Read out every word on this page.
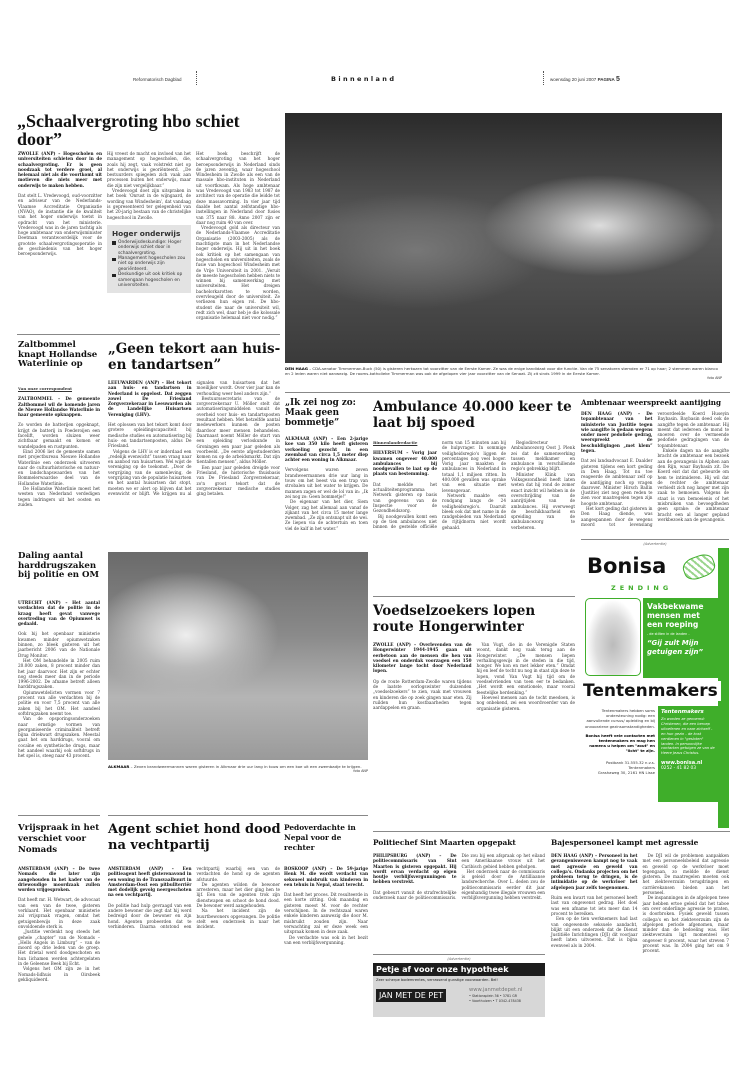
Reformatorisch Dagblad	Binnenland	woensdag 20 juni 2007 PAGINA 5
„Schaalvergroting hbo schiet door”
ZWOLLE (ANP) – Hogescholen en universiteiten schieten door in de schaalvergroting. Er is geen noodzaak tot verdere groei, al helemaal niet als die voortkomt uit motieven die niets meer met onderwijs te maken hebben.

Dat stelt L. Vredevoogd, oud-voorzitter en adviseur van de Nederlands-Vlaamse Accreditatie Organisatie (NVAO), de instantie die de kwaliteit van het hoger onderwijs toetst in opdracht van het ministerie. Vredevoogd was in de jaren tachtig als hoge ambtenaar van onderwijsminister Deetman verantwoordelijk voor de grootste schaalvergrotingsoperatie in de geschiedenis van het hoger beroepsonderwijs.

Hij vreest de macht en invloed van het management op hogescholen, die, zoals hij zegt, vaak volstrekt niet op het onderwijs is georiënteerd. „De bestuurders spiegelen zich vaak aan processen buiten het onderwijs, maar die zijn niet vergelijkbaar.”

Vredevoogd doet zijn uitspraken in het boek ‘Onrust in de wijngaard, de wording van Windesheim’, dat vandaag is gepresenteerd ter gelegenheid van het 20-jarig bestaan van de christelijke hogeschool in Zwolle.

Hoger onderwijs
Onderwijsdeskundige: Hoger onderwijs schiet door in schaalvergroting.
Management hogescholen zou niet op onderwijs zijn georiënteerd.
Deskundige uit ook kritiek op samengaan hogescholen en universiteiten.

Het boek beschrijft de schaalvergroting van het hoger beroepsonderwijs in Nederland sinds de jaren zeventig, waar hogeschool Windesheim in Zwolle als een van de massale hbo-instituten in Nederland uit voortkwam. Als hoge ambtenaar was Vredevoogd van 1983 tot 1987 de architect van de operatie die leidde tot deze massavorming. In vier jaar tijd daalde het aantal zelfstandige hbo-instellingen in Nederland door fusies van 375 naar 88. Anno 2007 zijn er daar nog ruim 40 van over.

Vredevoogd gold als directeur van de Nederlands-Vlaamse Accreditatie Organisatie (2003-2005) als de machtigste man in het Nederlandse hoger onderwijs. Hij uit in het boek ook kritiek op het samengaan van hogescholen en universiteiten, zoals de fusie van hogeschool Windesheim met de Vrije Universiteit in 2001. „Veruit de meeste hogescholen hebben niets te winnen bij samenwerking met universiteiten. Het dreigen bachelorkarotten te worden, overvleugeld door de universiteit. Ze verliezen hun eigen rol. De hbo-student die naar de universiteit wil, redt zich wel, daar heb je die kolossale organisatie helemaal niet voor nodig.”

DEN HAAG – CDA-senator Timmerman-Buck (50) is gisteren herkozen tot voorzitter van de Eerste Kamer. Ze was de enige kandidaat voor die functie. Van de 75 senatoren stemden er 71 op haar; 2 stemmen waren blanco en 2 leden waren niet aanwezig. De rooms-katholieke Timmerman was ook de afgelopen vier jaar voorzitter van de Senaat. Zij zit sinds 1999 in de Eerste Kamer.
foto ANP
Zaltbommel knapt Hollandse Waterlinie op
Van onze correspondent
ZALTBOMMEL – De gemeente Zaltbommel wil de komende jaren de Nieuwe Hollandse Waterlinie in haar gemeente opknappen.

Zo worden de batterijen opgeknapt, krijgt de batterij in Poederoijen een facelift, worden sluizen weer zichtbaar gemaakt en komen er wandelpaden en rustpunten.

Eind 2006 liet de gemeente samen met projectbureau Nieuwe Hollandse Waterlinie een onderzoek uitvoeren naar de cultuurhistorische en natuur- en landschapswaarden van het Bommelerwaardse deel van de Hollandse Waterlinie.

De Hollandse Waterlinie moest het westen van Nederland verdedigen tegen indringers uit het oosten en zuiden.

Daling aantal harddrugszaken bij politie en OM
UTRECHT (ANP) – Het aantal verdachten dat de politie in de kraag heeft gevat vanwege overtreding van de Opiumwet is gedaald.

Ook bij het openbaar ministerie kwamen minder opiumwetzaken binnen, zo bleek gisteren uit het jaarbericht 2006 van de Nationale Drug Monitor.

Het OM behandelde in 2005 ruim 20.000 zaken, 8 procent minder dan het jaar daarvoor. Het zijn er echter nog steeds meer dan in de periode 1996-2002. De afname betreft alleen harddrugszaken.

Opiumwetdelicten vormen voor 7 procent van alle verdachten bij de politie en voor 7,5 procent van alle zaken bij het OM. Het aandeel softdrugzaken neemt toe.

Van de opsporingsonderzoeken naar ernstige vormen van georganiseerde criminaliteit betreft bijna driekwart drugszaken. Meestal gaat het om harddrugs, vooral om cocaïne en synthetische drugs, maar het aandeel waarbij ook softdrugs in het spel is, steeg naar 43 procent.

„Geen tekort aan huis- en tandartsen”
LEEUWARDEN (ANP) – Het tekort aan huis- en tandartsen in Nederland is opgelost. Dat zeggen zowel De Friesland Zorgverzekeraar in Leeuwarden als de Landelijke Huisartsen Vereniging (LHV).

Het oplossen van het tekort komt door grotere opleidingscapaciteit bij medische studies en automatisering bij huis- en tandartsenposten, aldus De Friesland.

Volgens de LHV is er inderdaad een „redelijk evenwicht” tussen vraag naar en aanbod van huisartsen. Wel wijst de vereniging op de toekomst. „Door de vergrijzing van de samenleving, de vergrijzing van de populatie huisartsen en het aantal huisartsen dat stopt, moeten we er alert op blijven dat het evenwicht er blijft. We krijgen nu al signalen van huisartsen dat het moeilijker wordt. Over vier jaar kan de verhouding weer heel anders zijn.”

Bestuurssecretaris van de zorgverzekeraar U. Möller stelt dat automatiseringsmiddelen vanuit de overheid voor huis- en tandartsposten resultaat hebben. Met hetzelfde aantal medewerkers kunnen de posten daardoor meer mensen behandelen. Daarnaast noemt Möller de start van een opleiding verloskunde in Groningen een paar jaar geleden als voorbeeld. „De eerste afgestudeerden komen nu op de arbeidsmarkt. Dat zijn tientallen mensen”, aldus Möller.

Een paar jaar geleden dreigde voor Friesland, de historische thuisbasis van De Friesland Zorgverzekeraar, zo'n groot tekort dat de zorgverzekeraar medische studies ging betalen.

„Ik zei nog zo: Maak geen bommetje”
ALKMAAR (ANP) – Een 2-jarige koe van 350 kilo heeft gisteren verkoeling gezocht in een zwembad van circa 1,5 meter diep achter een woning in Alkmaar.

Vervolgens waren zeven brandweermannen drie uur lang in touw om het beest via een trap van strobalen uit het water te krijgen. De mannen zagen er wel de lol van in: „Ik zei nog zo: Geen bommetje!”

De eigenaar van het dier, Siem Volger, zag het allemaal aan vanaf de zijkant van het circa 15 meter lange zwembad. „Ze zijn ontsnapt uit de wei. Ze liepen via de achtertuin en toen viel de kalf in het water.”

ALKMAAR – Zeven brandweermannen waren gisteren in Alkmaar drie uur lang in touw om een koe uit een zwembadje te krijgen.
foto ANP
Ambulance 40.000 keer te laat bij spoed
Binnenlandredactie
HILVERSUM – Vorig jaar kwamen ongeveer 40.000 ambulances bij noodgevallen te laat op de plaats van bestemming.

Dat meldde het actualiteitenprogramma Netwerk gisteren op basis van gegevens van de Inspectie voor de Gezondheidszorg.

Bij noodgevallen komt een op de tien ambulances niet binnen de gestelde officiële norm van 15 minuten aan bij de hulpvrager. In sommige veiligheidsregio's liggen de percentages nog veel hoger. Vorig jaar maakten de ambulances in Nederland in totaal 1,1 miljoen ritten. In 400.000 gevallen was sprake van een situatie met levensgevaar.

Netwerk maakte een rondgang langs de 24 veiligheidsregio's. Daaruit bleek ook dat met name in de randgebieden van Nederland de rijtijdnorm niet wordt gehaald.

Regiodirecteur Ambulancezorg Oost J. Plenk zei dat de samenwerking tussen meldkamer en ambulance in verschillende regio's gebrekkig blijft.

Minister Klink van Volksgezondheid heeft laten weten dat hij rond de zomer exact inzicht wil hebben in de overschrijding van de aanrijtijden van de ambulances. Hij overweegt de beschikbaarheid en spreiding van de ambulancezorg te verbeteren.

Voedselzoekers lopen route Hongerwinter
ZWOLLE (ANP) – Overlevenden van de Hongerwinter 1944-1945 gaan uit eerbetoon aan de mensen die hen van voedsel en onderdak voorzagen een 150 kilometer lange tocht door Nederland lopen.

Op de route Rotterdam-Zwolle waren tijdens de laatste oorlogswinter duizenden „voedselzoekers” te zien, vaak met vrouwen en kinderen die op zoek gingen naar eten. Zij ruilden hun kostbaarheden tegen aardappelen en graan.

Van Vugt, die in de Verenigde Staten woont, dankt nog vaak terug aan de Hongerwinter. „De mensen liepen verhalingsgewijs in de steden in die tijd, honger. We kon en met lekker eten.” Omdat hij en leef de tocht nu nog in staat zijn deze te lopen, vond Van Vugt hij tijd om de voedselvrienden van toen eer te bedanken. „Het wordt een emotionele, maar vooral feestelijke herdenking.”

Hoeveel mensen aan de tocht meedoen, is nog onbekend, zei een woordvoerder van de organisatie gisteren.

Ambtenaar weerspreekt aantijging
DEN HAAG (ANP) – De topambtenaar van het ministerie van Justitie tegen wie aangifte is gedaan wegens onder meer pedofiele gedrag, weerspreekt de beschuldigingen „met klem” tegen.

Dat zei landsadvocaat E. Daalder gisteren tijdens een kort geding in Den Haag. Tot nu toe reageerde de ambtenaar zelf op de aantijging noch op vragen daarover. Minister Hirsch Ballin (Justitie) ziet nog geen reden te zien voor maatregelen tegen zijn hoogste ambtenaar.

Het kort geding dat gisteren in Den Haag diende, was aangespannen door de wegens moord tot levenslang veroordeelde Koerd Huseyin Baybasin. Baybasin deed ook de aangifte tegen de ambtenaar. Hij meent dat iedereen de mond te snoeren over de vermeende pedofiele gedragingen van de topambtenaar.

Enkele dagen na de aangifte bracht de ambtenaar een bezoek aan de gevangenis in Alphen aan den Rijn, waar Baybasin zit. De Koerd eist dat dat gebeurde om hem te intimideren. Hij wil dat de rechter de ambtenaar verbiedt zich nog langer met zijn zaak te bemoeien. Volgens de staat is van bemoeienis of het misbruiken van bevoegdheden geen sprake: de ambtenaar bracht een al langer gepland werkbezoek aan de gevangenis.

(Advertentie)
Bonisa
ZENDING
Vakbekwame mensen met een roeping
- de stilten in de landen -
“Gij zult Mijn getuigen zijn”
Tentenmakers
Tentenmakers hebben soms ondersteuning nodig: een aanvullende cursus/ opleiding en bij onvoorziene gezinsomstandigheden.
Bonisa heeft vele contacten met tentenmakers en mag hen namens u helpen om "zout" en "licht" te zijn.
Postbank 31.555.32 n.v.s. Tentenmakers
Grashaweg 30, 2161 HN Lisse
Tentenmakers
Zo worden ze genoemd: Christenen, die een beroep uitoefenen en naar zichzelf - en hun gezin - de kost verdienen in "gesloten" landen. In persoonlijke contacten getuigen ze van de Heere Jezus Christus.
www.bonisa.nl
0252 - 41 82 03
Vrijspraak in het verschiet voor Nomads
AMSTERDAM (ANP) – De twee Nomads die later zijn aangehouden in het kader van de driewoudige moordzaak zullen worden vrijgesproken.

Dat heeft mr. H. Wetwart, de advocaat van een van de twee, gisteren verklaard. Het openbaar ministerie zal vrijspraak vragen, omdat het getuigenbewijs in deze zaak onvoldoende sterk is.

„Justitie verdenkt nog steeds het gehele „chapter” van de Nomads – „Hells Angels in Limburg” – van de moord op drie leden van de groep. Het drietal werd doodgeschoten en hun lichamen werden achtergelaten in de Geleense Beek bij Echt.

Volgens het OM zijn ze in het Nomads-lidhuis in Oirsbeek gekliquideerd.

Agent schiet hond dood na vechtpartij
AMSTERDAM (ANP) – Een politieagent heeft gisterenavond in een woning in de Transvaalbuurt in Amsterdam-Oost een pitbullterriër met dodelijk gevolg neergeschoten na een vechtpartij.

De politie had hulp gevraagd van een andere bewoner die zegt dat hij werd bedreigd door de bewoner en zijn hond. Agenten probeerden dat te verhinderen. Daarna ontstond een vechtpartij waarbij een van de verdachten de hond op de agenten afstuurde.

De agenten wilden de bewoner arresteren, maar het dier ging hen te lijf. Een van de agenten trok zijn dienstwapen en schoot de hond dood. De bewoner werd aangehouden.

Na het incident zijn de buurtbewoners opgevangen. De politie stelt een onderzoek in naar het incident.

Pedoverdachte in Nepal voor de rechter
BOSKOOP (ANP) – De 59-jarige Henk M. die wordt verdacht van seksueel misbruik van kinderen in een tehuis in Nepal, staat terecht.

Dat heeft het proces. Dit resulteerde in een korte zitting. Ook maandag en gisteren moest M. voor de rechter verschijnen. In de rechtszaal waren enkele kinderen aanwezig die door M. misbruikt zouden zijn. Naar verwachting zal er deze week een uitspraak komen in deze zaak.

De verdachte was ook in het bezit van een verblijfsvergunning.

Politiechef Sint Maarten opgepakt
PHILIPSBURG (ANP) – De politiecommissaris van Sint Maarten is gisteren opgepakt. Hij wordt ervan verdacht op eigen houtje verblijfsvergunningen te hebben verstrekt.

Dat gebeurt vanuit de strafrechtelijke onderzoek naar de politiecommissaris. Die zou bij een afspraak op het eiland een Amerikaanse vrouw uit het Caribisch gebied hebben geholpen.

Het onderzoek naar de commissaris is geleid door de Antilliaanse landsrecherche. Over L. deden zou de politiecommissaris eerder dit jaar eigenhandig twee illegale vrouwen een verblijfsvergunning hebben verstrekt.

(Advertentie)
Petje af voor onze hypotheek
Zeer scherpe bodemrentes, verrassend gunstige voorwaarden. Bel!
JAN MET DE PET
www.janmetdepet.nl
• Stationsplein 36 • 3781 GR
• Voorthuizen • T 0342-478438
Bajespersoneel kampt met agressie
DEN HAAG (ANP) – Personeel in het gevangeniswezen kampt nog te vaak met agressie en geweld van collega's. Ondanks projecten om het probleem terug te dringen, is de intimidatie op de werkvloer het afgelopen jaar zelfs toegenomen.

Ruim een kwart van het personeel heeft last van ongewenst gedrag. Het doel was een afname tot iets meer dan 14 procent te bereiken.

Een op de tien werknemers had last van ongewenste seksuele aandacht, blijkt uit een onderzoek dat de Dienst Justitiële Inrichtingen (DJI) dit voorjaar heeft laten uitvoeren. Dat is bijna evenveel als in 2004.

De DJI wil de problemen aanpakken met een personeelsbeleid dat agressie en geweld op de werkvloer moet tegengaan, zo meldde de dienst gisteren. De maatregelen moeten ook het ziekteverzuim terugdringen en carrièrekansen bieden aan het personeel.

De inspanningen in de afgelopen twee jaar hebben ertoe geleid dat het taboe om over onderlinge agressie te praten, is doorbroken. Fysiek geweld tussen collega's en het ziekteverzuim zijn de afgelopen periode afgenomen, maar minder dan de bedoeling was. Het ziekteverzuim ligt momenteel op ongeveer 8 procent, waar het streven 7 procent was. In 2004 ging het om 9 procent.
